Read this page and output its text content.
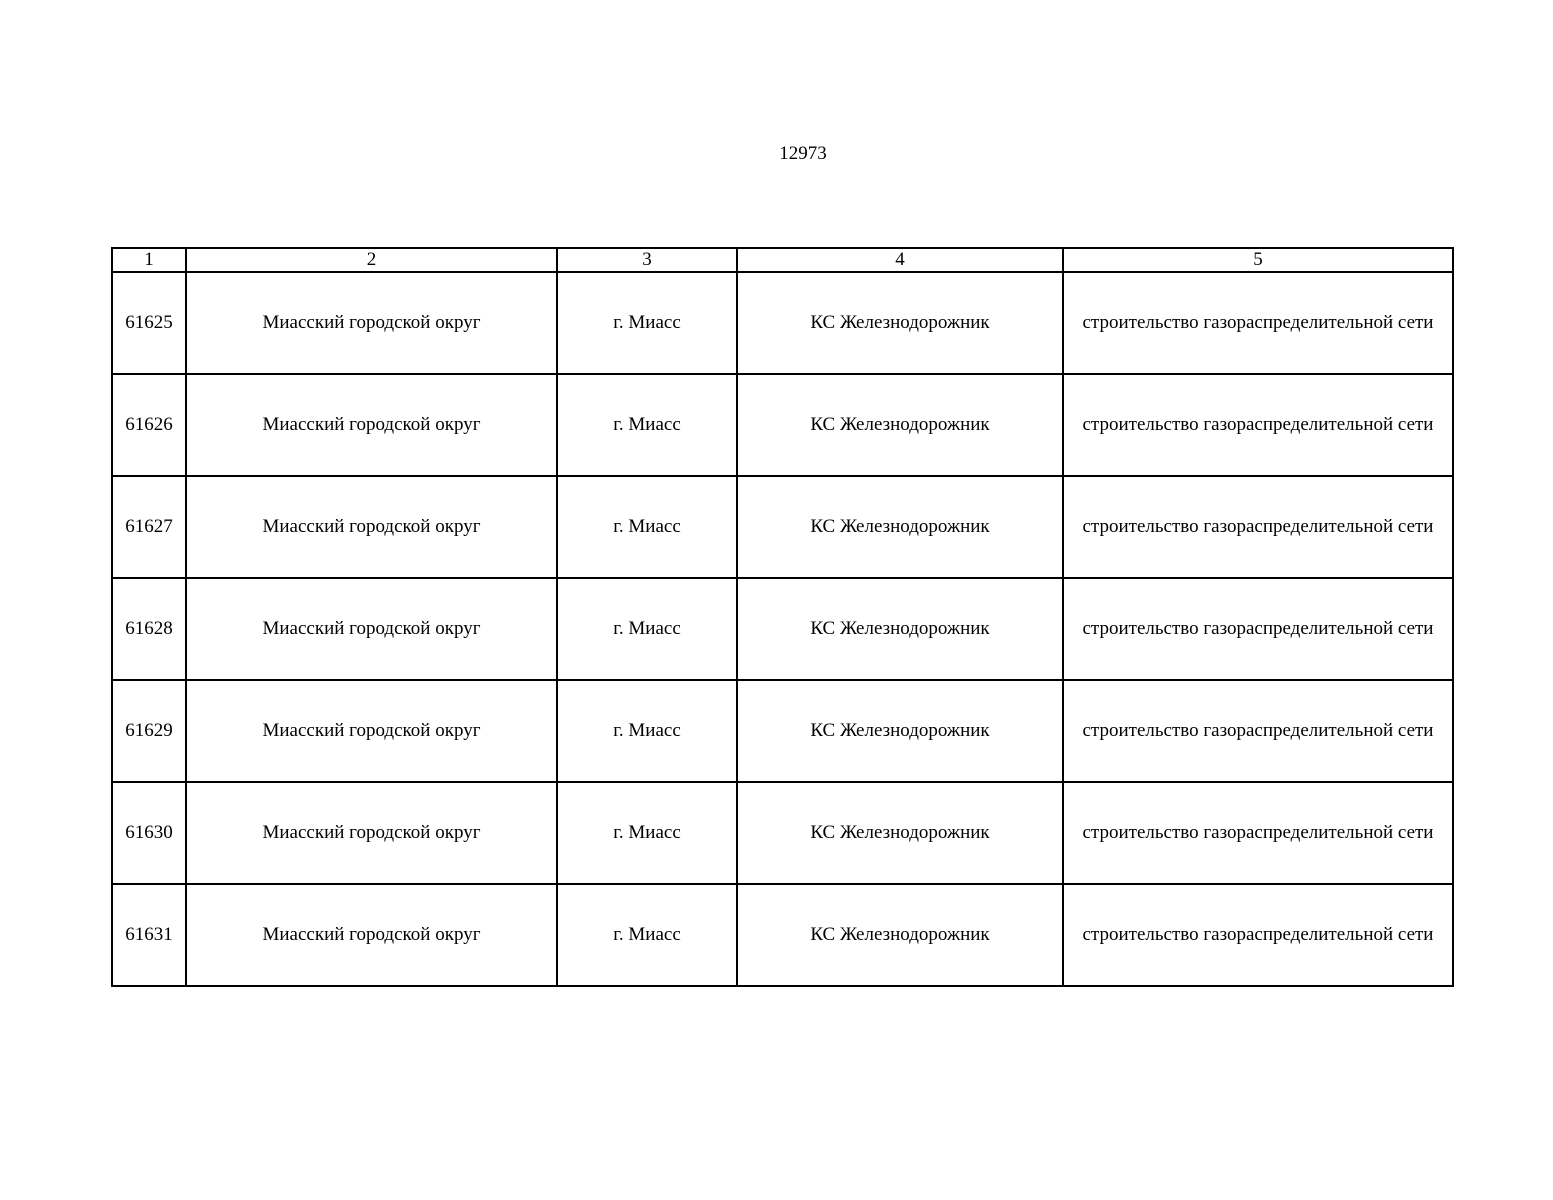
12973
1	2	3	4	5
61625	Миасский городской округ	г. Миасс	КС Железнодорожник	строительство газораспределительной сети
61626	Миасский городской округ	г. Миасс	КС Железнодорожник	строительство газораспределительной сети
61627	Миасский городской округ	г. Миасс	КС Железнодорожник	строительство газораспределительной сети
61628	Миасский городской округ	г. Миасс	КС Железнодорожник	строительство газораспределительной сети
61629	Миасский городской округ	г. Миасс	КС Железнодорожник	строительство газораспределительной сети
61630	Миасский городской округ	г. Миасс	КС Железнодорожник	строительство газораспределительной сети
61631	Миасский городской округ	г. Миасс	КС Железнодорожник	строительство газораспределительной сети
